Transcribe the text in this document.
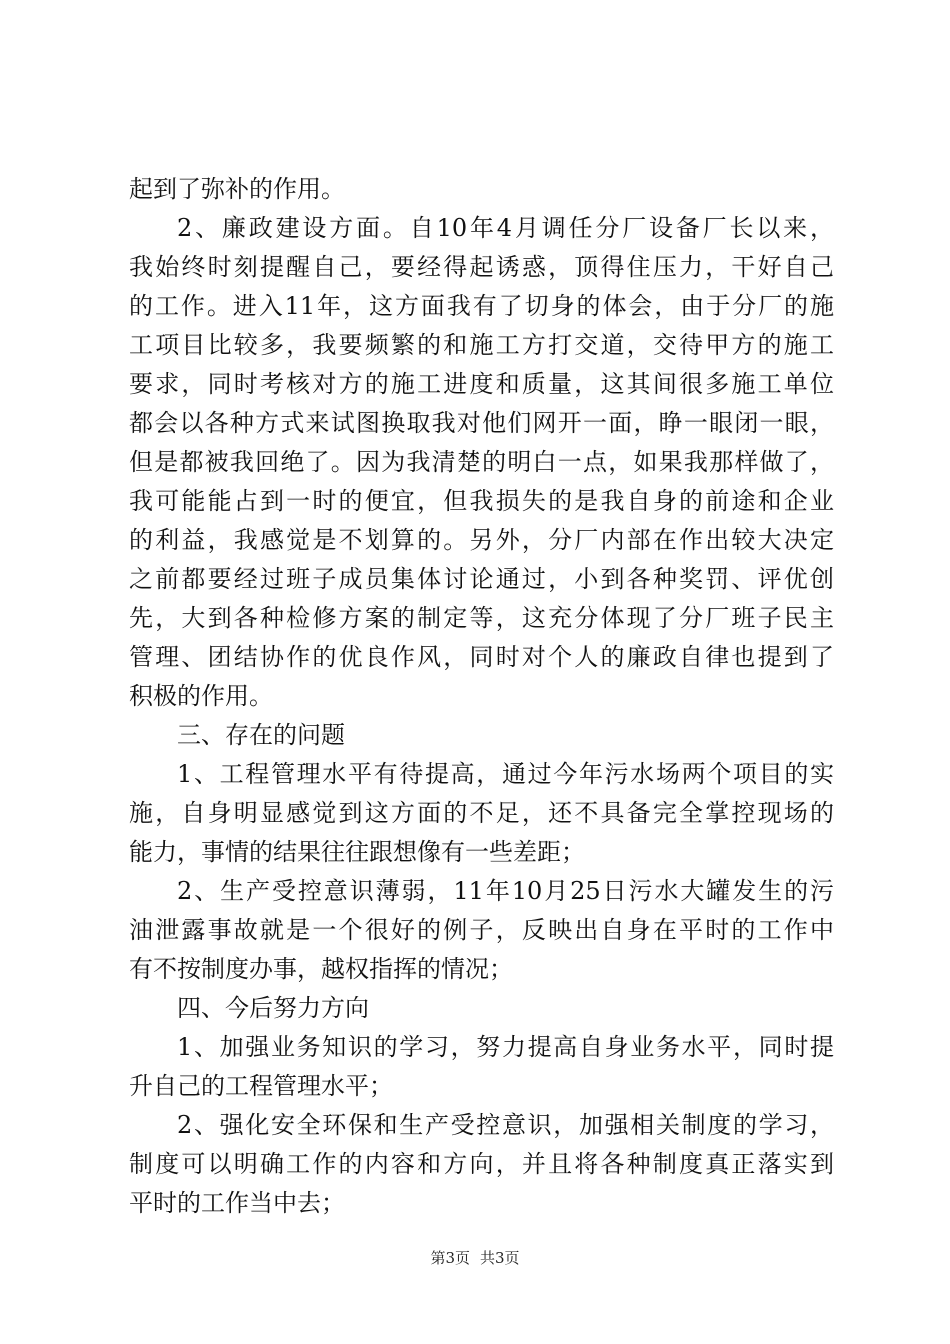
起到了弥补的作用。
2、廉政建设方面。自10年4月调任分厂设备厂长以来，
我始终时刻提醒自己，要经得起诱惑，顶得住压力，干好自己
的工作。进入11年，这方面我有了切身的体会，由于分厂的施
工项目比较多，我要频繁的和施工方打交道，交待甲方的施工
要求，同时考核对方的施工进度和质量，这其间很多施工单位
都会以各种方式来试图换取我对他们网开一面，睁一眼闭一眼，
但是都被我回绝了。因为我清楚的明白一点，如果我那样做了，
我可能能占到一时的便宜，但我损失的是我自身的前途和企业
的利益，我感觉是不划算的。另外，分厂内部在作出较大决定
之前都要经过班子成员集体讨论通过，小到各种奖罚、评优创
先，大到各种检修方案的制定等，这充分体现了分厂班子民主
管理、团结协作的优良作风，同时对个人的廉政自律也提到了
积极的作用。
三、存在的问题
1、工程管理水平有待提高，通过今年污水场两个项目的实
施，自身明显感觉到这方面的不足，还不具备完全掌控现场的
能力，事情的结果往往跟想像有一些差距；
2、生产受控意识薄弱，11年10月25日污水大罐发生的污
油泄露事故就是一个很好的例子，反映出自身在平时的工作中
有不按制度办事，越权指挥的情况；
四、今后努力方向
1、加强业务知识的学习，努力提高自身业务水平，同时提
升自己的工程管理水平；
2、强化安全环保和生产受控意识，加强相关制度的学习，
制度可以明确工作的内容和方向，并且将各种制度真正落实到
平时的工作当中去；
第3页 共3页
